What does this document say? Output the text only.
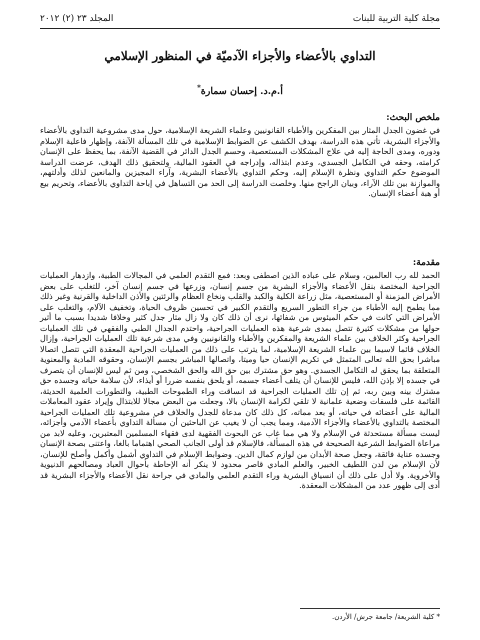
مجلة كلية التربية للبنات
المجلد ٢٣ (٢) ٢٠١٢
التداوي بالأعضاء والأجزاء الآدميّة في المنظور الإسلامي
أ.م.د. إحسان سمارة*

ملخص البحث:

في غضون الجدل المثار بين المفكرين والأطباء القانونيين وعلماء الشريعة الإسلامية، حول مدى مشروعية التداوي بالأعضاء والأجزاء البشرية، تأتي هذه الدراسة، بهدف الكشف عن الضوابط الإسلامية في تلك المسألة الآنفة، وإظهار فاعلية الإسلام ودوره، ومدى الحاجة إليه في علاج المشكلات المستعصية، وحسم الجدل الدائر في القضية الآنفة، بما يحفظ على الإنسان كرامته، وحقه في التكامل الجسدي، وعدم ابتذاله، وإدراجه في العقود المالية، ولتحقيق ذلك الهدف، عرضت الدراسة الموضوع حكم التداوي ونظرة الإسلام إليه، وحكم التداوي بالأعضاء البشرية، وآراء المجيزين والمانعين لذلك وأدلتهم، والموازنة بين تلك الآراء، وبيان الراجح منها. وخلصت الدراسة إلى الحد من التساهل في إباحة التداوي بالأعضاء، وتحريم بيع أو هبة أعضاء الإنسان.

مقدمة:

الحمد لله رب العالمين، وسلام على عباده الذين اصطفى وبعد: فمع التقدم العلمي في المجالات الطبية، وازدهار العمليات الجراحية المختصة بنقل الأعضاء والأجزاء البشرية من جسم إنسان، وزرعها في جسم إنسان آخر، للتغلب على بعض الأمراض المزمنة أو المستعصية، مثل زراعة الكلية والكبد والقلب ونخاع العظام والرئتين والأذن الداخلية والقرنية وغير ذلك مما يطمح إليه الأطباء من جراء التطور السريع والتقدم الكبير في تحسين ظروف الحياة، وتخفيف الآلام، والتغلب على الأمراض التي كانت في حكم الميئوس من شفائها، نرى أن ذلك كان ولا زال مثار جدل كثير وخلافا شديدا بسبب ما أثير حولها من مشكلات كثيرة تتصل بمدى شرعية هذه العمليات الجراحية، واحتدم الجدال الطبي والفقهي في تلك العمليات الجراحية وكثر الخلاف بين علماء الشريعة والمفكرين والأطباء والقانونيين وفي مدى شرعية تلك العمليات الجراحية، وإزال الخلاف قائما لاسيما بين علماء الشريعة الإسلامية، لما يترتب على ذلك من العمليات الجراحية المعقدة التي تتصل اتصالا مباشرا بحق الله تعالى المتمثل في تكريم الإنسان حيا وميتا، واتصالها المباشر بجسم الإنسان، وحقوقه المادية والمعنوية المتعلقة بما يحقق له التكامل الجسدي. وهو حق مشترك بين حق الله والحق الشخصي، ومن ثم ليس للإنسان أن يتصرف في جسده إلا بإذن الله، فليس للإنسان أن يتلف أعضاء جسمه، أو يلحق بنفسه ضررا أو أيذاء، لأن سلامة حياته وجسده حق مشترك بينه وبين ربه، ثم إن تلك العمليات الجراحية قد انساقت وراء الطموحات الطبية، والتطورات العلمية الحديثة، القائمة على فلسفات وضعية علمانية لا تلقي لكرامة الإنسان بالا، وجعلت من البعض مجالا للابتذال وإيراد عقود المعاملات المالية على أعضائه في حياته، أو بعد مماته، كل ذلك كان مدعاة للجدل والخلاف في مشروعية تلك العمليات الجراحية المختصة بالتداوي بالأعضاء والأجزاء الآدمية، ومما يجب أن لا يغيب عن الباحثين أن مسألة التداوي بأعضاء الآدمي وأجزائه، ليست مسألة مستحدثة في الإسلام ولا هي مما غاب عن البحوث الفقهية لدى فقهاء المسلمين المعتبرين، وعليه لابد من مراعاة الضوابط الشرعية الصحيحة في هذه المسألة، فالإسلام قد أولى الجانب الصحي اهتماما بالغا، واعتنى بصحة الإنسان وجسده عناية فائقة، وجعل صحة الأبدان من لوازم كمال الدين. وضوابط الإسلام في التداوي أشمل وأكمل وأصلح للإنسان، لأن الإسلام من لدن اللطيف الخبير، والعلم المادي قاصر محدود لا ينكر أنه الإحاطة بأحوال العباد ومصالحهم الدنيوية والأخروية. ولا أدل على ذلك أن انسياق البشرية وراء التقدم العلمي والمادي في جراحة نقل الأعضاء والأجزاء البشرية قد أدى إلى ظهور عدد من المشكلات المعقدة.

* كلية الشريعة/ جامعة جرش/ الأردن.
